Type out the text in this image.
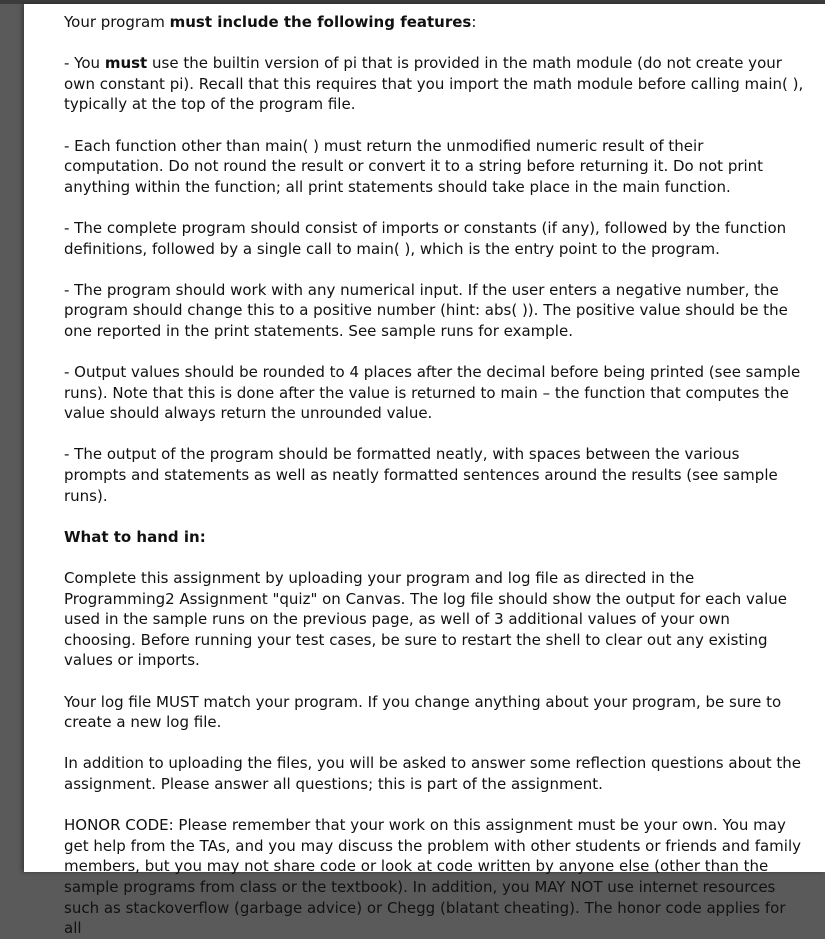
Your program must include the following features:

- You must use the builtin version of pi that is provided in the math module (do not create your own constant pi). Recall that this requires that you import the math module before calling main( ), typically at the top of the program file.

- Each function other than main( ) must return the unmodified numeric result of their computation. Do not round the result or convert it to a string before returning it. Do not print anything within the function; all print statements should take place in the main function.

- The complete program should consist of imports or constants (if any), followed by the function definitions, followed by a single call to main( ), which is the entry point to the program.

- The program should work with any numerical input. If the user enters a negative number, the program should change this to a positive number (hint: abs( )). The positive value should be the one reported in the print statements. See sample runs for example.

- Output values should be rounded to 4 places after the decimal before being printed (see sample runs). Note that this is done after the value is returned to main – the function that computes the value should always return the unrounded value.

- The output of the program should be formatted neatly, with spaces between the various prompts and statements as well as neatly formatted sentences around the results (see sample runs).

What to hand in:

Complete this assignment by uploading your program and log file as directed in the Programming2 Assignment "quiz" on Canvas. The log file should show the output for each value used in the sample runs on the previous page, as well of 3 additional values of your own choosing. Before running your test cases, be sure to restart the shell to clear out any existing values or imports.

Your log file MUST match your program. If you change anything about your program, be sure to create a new log file.

In addition to uploading the files, you will be asked to answer some reflection questions about the assignment. Please answer all questions; this is part of the assignment.

HONOR CODE: Please remember that your work on this assignment must be your own. You may get help from the TAs, and you may discuss the problem with other students or friends and family members, but you may not share code or look at code written by anyone else (other than the sample programs from class or the textbook). In addition, you MAY NOT use internet resources such as stackoverflow (garbage advice) or Chegg (blatant cheating). The honor code applies for all
